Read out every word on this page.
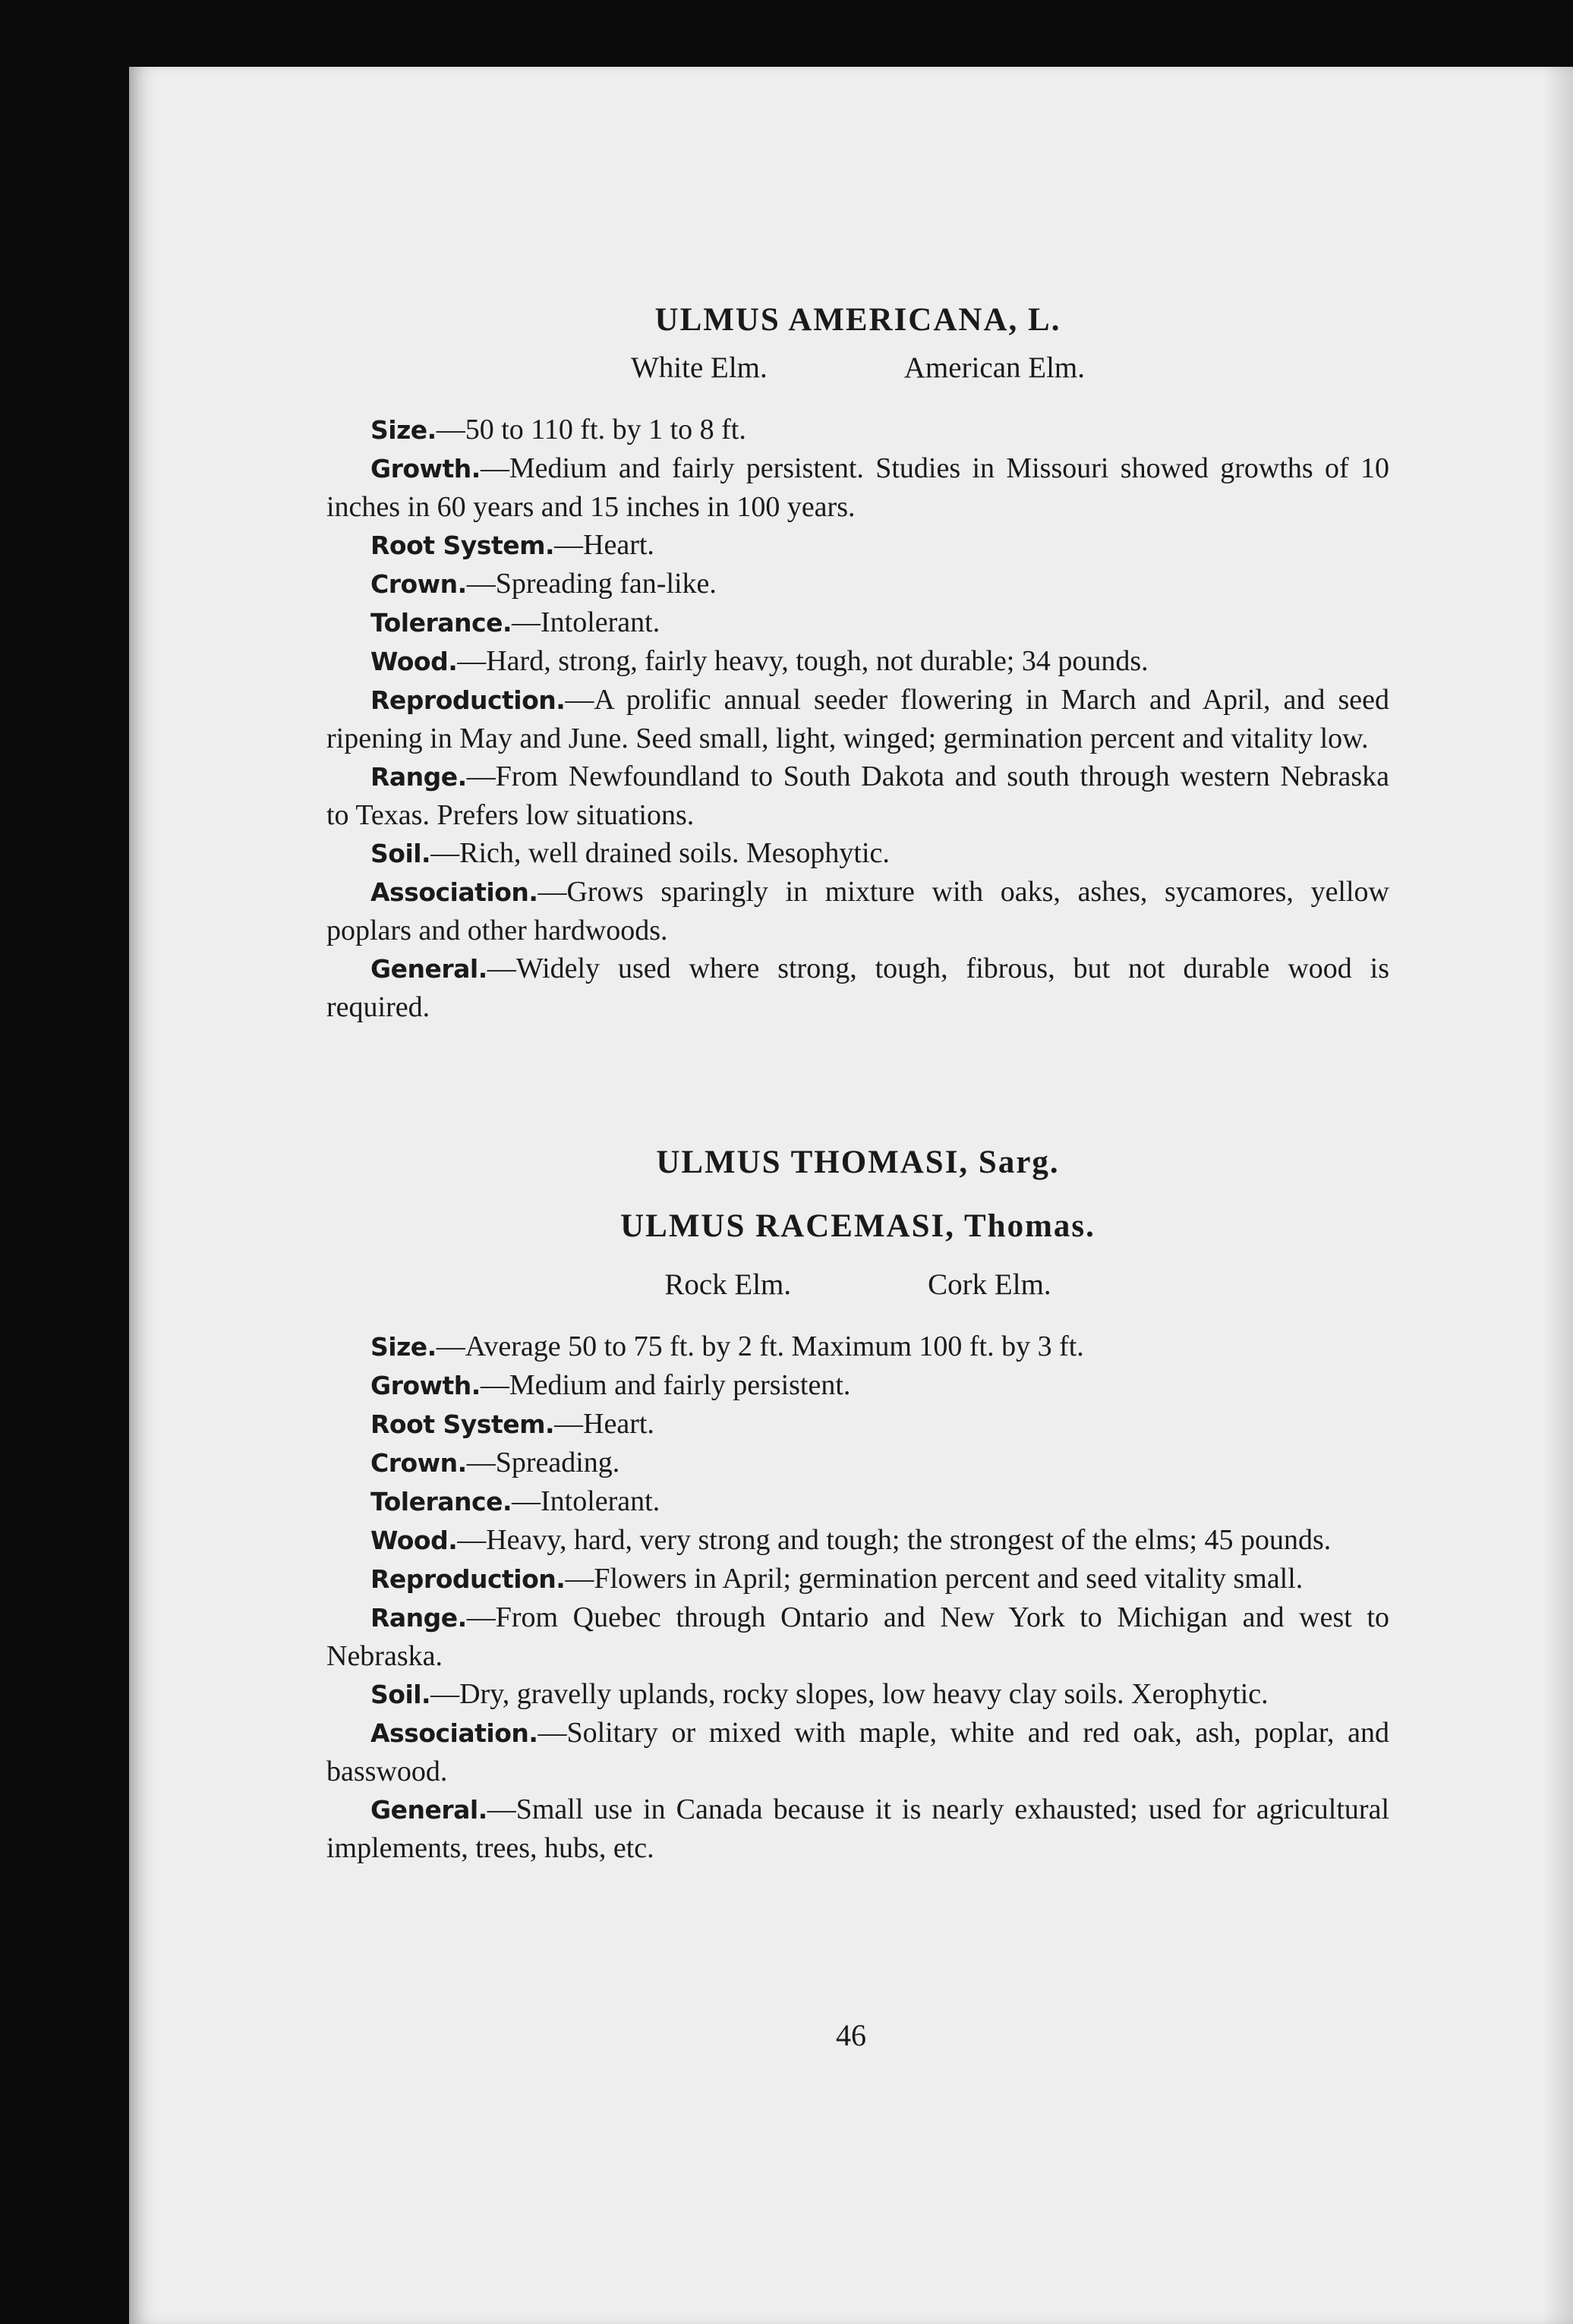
ULMUS AMERICANA, L.
White Elm.	American Elm.

Size.—50 to 110 ft. by 1 to 8 ft.

Growth.—Medium and fairly persistent. Studies in Missouri showed growths of 10 inches in 60 years and 15 inches in 100 years.

Root System.—Heart.

Crown.—Spreading fan-like.

Tolerance.—Intolerant.

Wood.—Hard, strong, fairly heavy, tough, not durable; 34 pounds.

Reproduction.—A prolific annual seeder flowering in March and April, and seed ripening in May and June. Seed small, light, winged; germination percent and vitality low.

Range.—From Newfoundland to South Dakota and south through western Nebraska to Texas. Prefers low situations.

Soil.—Rich, well drained soils. Mesophytic.

Association.—Grows sparingly in mixture with oaks, ashes, sycamores, yellow poplars and other hardwoods.

General.—Widely used where strong, tough, fibrous, but not durable wood is required.

ULMUS THOMASI, Sarg.
ULMUS RACEMASI, Thomas.
Rock Elm.	Cork Elm.

Size.—Average 50 to 75 ft. by 2 ft. Maximum 100 ft. by 3 ft.

Growth.—Medium and fairly persistent.

Root System.—Heart.

Crown.—Spreading.

Tolerance.—Intolerant.

Wood.—Heavy, hard, very strong and tough; the strongest of the elms; 45 pounds.

Reproduction.—Flowers in April; germination percent and seed vitality small.

Range.—From Quebec through Ontario and New York to Michigan and west to Nebraska.

Soil.—Dry, gravelly uplands, rocky slopes, low heavy clay soils. Xerophytic.

Association.—Solitary or mixed with maple, white and red oak, ash, poplar, and basswood.

General.—Small use in Canada because it is nearly exhausted; used for agricultural implements, trees, hubs, etc.

46
